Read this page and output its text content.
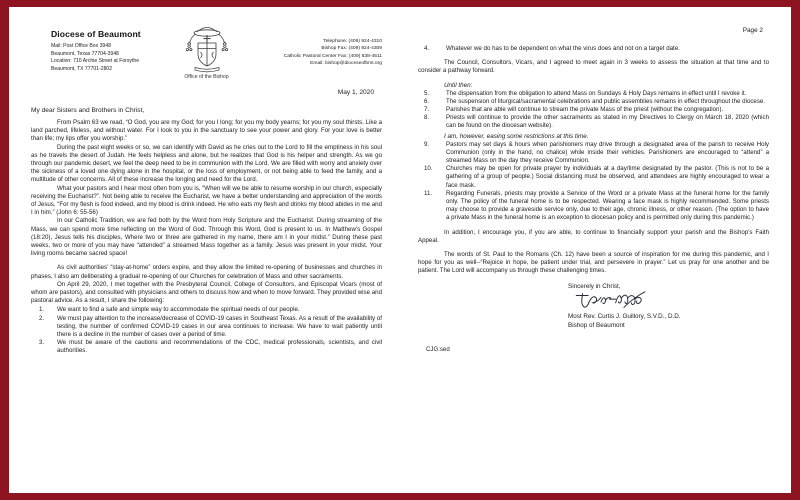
Diocese of Beaumont
Mail: Post Office Box 3948
Beaumont, Texas 77704-3948
Location: 710 Archie Street at Forsythe
Beaumont, TX 77701-2802
Office of the Bishop
Telephone: (409) 924-4310
Bishop Fax: (409) 924-4309
Catholic Pastoral Center Fax: (409) 838-4511
Email: bishop@dioceseofbmt.org
May 1, 2020
My dear Sisters and Brothers in Christ,

From Psalm 63 we read, “O God, you are my God; for you I long; for you my body yearns; for you my soul thirsts. Like a land parched, lifeless, and without water. For I look to you in the sanctuary to see your power and glory. For your love is better than life; my lips offer you worship.”

During the past eight weeks or so, we can identify with David as he cries out to the Lord to fill the emptiness in his soul as he travels the desert of Judah. He feels helpless and alone, but he realizes that God is his helper and strength. As we go through our pandemic desert, we feel the deep need to be in communion with the Lord. We are filled with worry and anxiety over the sickness of a loved one dying alone in the hospital, or the loss of employment, or not being able to feed the family, and a multitude of other concerns. All of these increase the longing and need for the Lord.

What your pastors and I hear most often from you is, “When will we be able to resume worship in our church, especially receiving the Eucharist?”. Not being able to receive the Eucharist, we have a better understanding and appreciation of the words of Jesus, “For my flesh is food indeed, and my blood is drink indeed. He who eats my flesh and drinks my blood abides in me and I in him.” (John 6: 55-56)

In our Catholic Tradition, we are fed both by the Word from Holy Scripture and the Eucharist. During streaming of the Mass, we can spend more time reflecting on the Word of God. Through this Word, God is present to us. In Matthew’s Gospel (18:20), Jesus tells his disciples, Where two or three are gathered in my name, there am I in your midst.” During these past weeks, two or more of you may have “attended” a streamed Mass together as a family. Jesus was present in your midst. Your living rooms became sacred space!

As civil authorities’ “stay-at-home” orders expire, and they allow the limited re-opening of businesses and churches in phases, I also am deliberating a gradual re-opening of our Churches for celebration of Mass and other sacraments.

On April 29, 2020, I met together with the Presbyteral Council, College of Consultors, and Episcopal Vicars (most of whom are pastors), and consulted with physicians and others to discuss how and when to move forward. They provided wise and pastoral advice. As a result, I share the following:

1.	We want to find a safe and simple way to accommodate the spiritual needs of our people.
2.	We must pay attention to the increase/decrease of COVID-19 cases in Southeast Texas. As a result of the availability of testing, the number of confirmed COVID-19 cases in our area continues to increase. We have to wait patiently until there is a decline in the number of cases over a period of time.
3.	We must be aware of the cautions and recommendations of the CDC, medical professionals, scientists, and civil authorities.
Page 2
4.	Whatever we do has to be dependent on what the virus does and not on a target date.

The Council, Consultors, Vicars, and I agreed to meet again in 3 weeks to assess the situation at that time and to consider a pathway forward.

Until then:
5.	The dispensation from the obligation to attend Mass on Sundays & Holy Days remains in effect until I revoke it.
6.	The suspension of liturgical/sacramental celebrations and public assemblies remains in effect throughout the diocese.
7.	Parishes that are able will continue to stream the private Mass of the priest (without the congregation).
8.	Priests will continue to provide the other sacraments as stated in my Directives to Clergy on March 18, 2020 (which can be found on the diocesan website).
I am, however, easing some restrictions at this time.
9.	Pastors may set days & hours when parishioners may drive through a designated area of the parish to receive Holy Communion (only in the hand, no chalice) while inside their vehicles. Parishioners are encouraged to “attend” a streamed Mass on the day they receive Communion.
10.	Churches may be open for private prayer by individuals at a day/time designated by the pastor. (This is not to be a gathering of a group of people.) Social distancing must be observed, and attendees are highly encouraged to wear a face mask.
11.	Regarding Funerals, priests may provide a Service of the Word or a private Mass at the funeral home for the family only. The policy of the funeral home is to be respected. Wearing a face mask is highly recommended. Some priests may choose to provide a graveside service only, due to their age, chronic illness, or other reason. (The option to have a private Mass in the funeral home is an exception to diocesan policy and is permitted only during this pandemic.)

In addition, I encourage you, if you are able, to continue to financially support your parish and the Bishop’s Faith Appeal.

The words of St. Paul to the Romans (Ch. 12) have been a source of inspiration for me during this pandemic, and I hope for you as well--“Rejoice in hope, be patient under trial, and persevere in prayer.” Let us pray for one another and be patient. The Lord will accompany us through these challenging times.

Sincerely in Christ,
Most Rev. Curtis J. Guillory, S.V.D., D.D.
Bishop of Beaumont
CJG:sed
